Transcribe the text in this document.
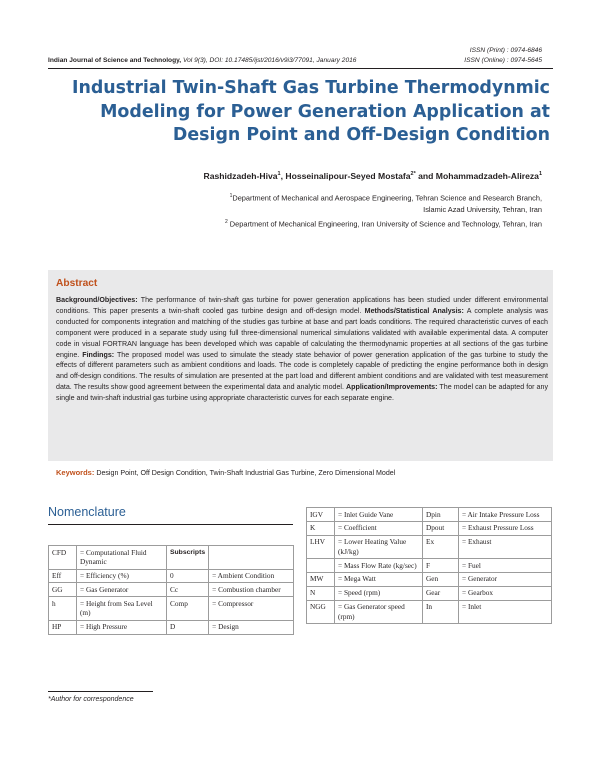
ISSN (Print) : 0974-6846
ISSN (Online) : 0974-5645
Indian Journal of Science and Technology, Vol 9(3), DOI: 10.17485/ijst/2016/v9i3/77091, January 2016
Industrial Twin-Shaft Gas Turbine Thermodynmic
Modeling for Power Generation Application at
Design Point and Off-Design Condition
Rashidzadeh-Hiva$^1$, Hosseinalipour-Seyed Mostafa$^{2*}$ and Mohammadzadeh-Alireza$^1$
$^1$Department of Mechanical and Aerospace Engineering, Tehran Science and Research Branch,
Islamic Azad University, Tehran, Iran
$^2$ Department of Mechanical Engineering, Iran University of Science and Technology, Tehran, Iran
Abstract
Background/Objectives: The performance of twin-shaft gas turbine for power generation applications has been studied under different environmental conditions. This paper presents a twin-shaft cooled gas turbine design and off-design model. Methods/Statistical Analysis: A complete analysis was conducted for components integration and matching of the studies gas turbine at base and part loads conditions. The required characteristic curves of each component were produced in a separate study using full three-dimensional numerical simulations validated with available experimental data. A computer code in visual FORTRAN language has been developed which was capable of calculating the thermodynamic properties at all sections of the gas turbine engine. Findings: The proposed model was used to simulate the steady state behavior of power generation application of the gas turbine to study the effects of different parameters such as ambient conditions and loads. The code is completely capable of predicting the engine performance both in design and off-design conditions. The results of simulation are presented at the part load and different ambient conditions and are validated with test measurement data. The results show good agreement between the experimental data and analytic model. Application/Improvements: The model can be adapted for any single and twin-shaft industrial gas turbine using appropriate characteristic curves for each separate engine.
Keywords: Design Point, Off Design Condition, Twin-Shaft Industrial Gas Turbine, Zero Dimensional Model
Nomenclature
CFD	= Computational Fluid Dynamic	Subscripts	
Eff	= Efficiency (%)	0	= Ambient Condition
GG	= Gas Generator	Cc	= Combustion chamber
h	= Height from Sea Level (m)	Comp	= Compressor
HP	= High Pressure	D	= Design
IGV	= Inlet Guide Vane	Dpin	= Air Intake Pressure Loss
K	= Coefficient	Dpout	= Exhaust Pressure Loss
LHV	= Lower Heating Value (kJ/kg)	Ex	= Exhaust
	= Mass Flow Rate (kg/sec)	F	= Fuel
MW	= Mega Watt	Gen	= Generator
N	= Speed (rpm)	Gear	= Gearbox
NGG	= Gas Generator speed (rpm)	In	= Inlet
*Author for correspondence
